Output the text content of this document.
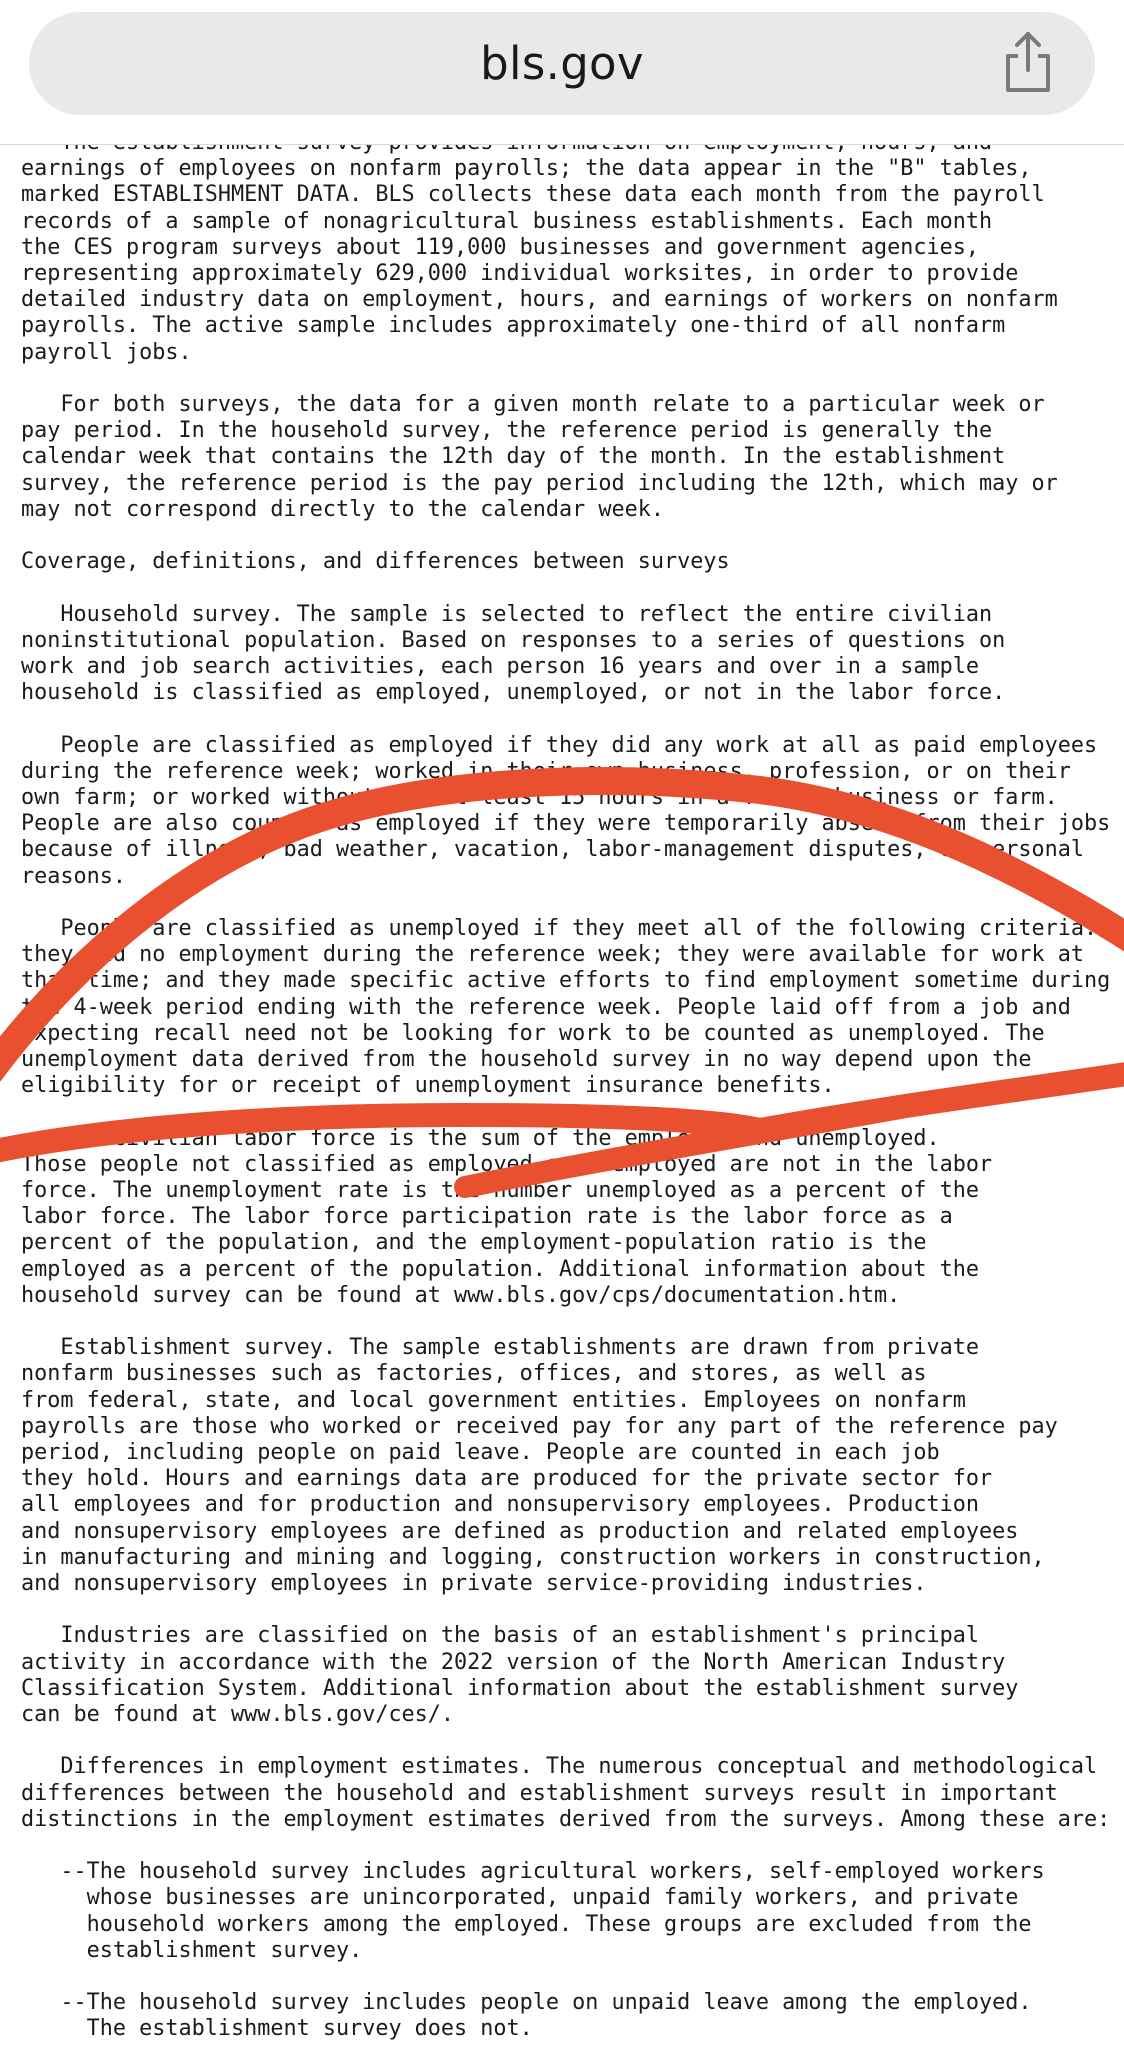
earnings of employees on nonfarm payrolls; the data appear in the "B" tables,
marked ESTABLISHMENT DATA. BLS collects these data each month from the payroll
records of a sample of nonagricultural business establishments. Each month
the CES program surveys about 119,000 businesses and government agencies,
representing approximately 629,000 individual worksites, in order to provide
detailed industry data on employment, hours, and earnings of workers on nonfarm
payrolls. The active sample includes approximately one-third of all nonfarm
payroll jobs.
For both surveys, the data for a given month relate to a particular week or
pay period. In the household survey, the reference period is generally the
calendar week that contains the 12th day of the month. In the establishment
survey, the reference period is the pay period including the 12th, which may or
may not correspond directly to the calendar week.
Coverage, definitions, and differences between surveys
Household survey. The sample is selected to reflect the entire civilian
noninstitutional population. Based on responses to a series of questions on
work and job search activities, each person 16 years and over in a sample
household is classified as employed, unemployed, or not in the labor force.
People are classified as employed if they did any work at all as paid employees
during the reference week; worked in their own business, profession, or on their
own farm; or worked without pay at least 15 hours in a family business or farm.
People are also counted as employed if they were temporarily absent from their jobs
because of illness, bad weather, vacation, labor-management disputes, or personal
reasons.
People are classified as unemployed if they meet all of the following criteria:
they had no employment during the reference week; they were available for work at
that time; and they made specific active efforts to find employment sometime during
the 4-week period ending with the reference week. People laid off from a job and
expecting recall need not be looking for work to be counted as unemployed. The
unemployment data derived from the household survey in no way depend upon the
eligibility for or receipt of unemployment insurance benefits.
The civilian labor force is the sum of the employed and unemployed.
Those people not classified as employed or unemployed are not in the labor
force. The unemployment rate is the number unemployed as a percent of the
labor force. The labor force participation rate is the labor force as a
percent of the population, and the employment-population ratio is the
employed as a percent of the population. Additional information about the
household survey can be found at www.bls.gov/cps/documentation.htm.
Establishment survey. The sample establishments are drawn from private
nonfarm businesses such as factories, offices, and stores, as well as
from federal, state, and local government entities. Employees on nonfarm
payrolls are those who worked or received pay for any part of the reference pay
period, including people on paid leave. People are counted in each job
they hold. Hours and earnings data are produced for the private sector for
all employees and for production and nonsupervisory employees. Production
and nonsupervisory employees are defined as production and related employees
in manufacturing and mining and logging, construction workers in construction,
and nonsupervisory employees in private service-providing industries.
Industries are classified on the basis of an establishment's principal
activity in accordance with the 2022 version of the North American Industry
Classification System. Additional information about the establishment survey
can be found at www.bls.gov/ces/.
Differences in employment estimates. The numerous conceptual and methodological
differences between the household and establishment surveys result in important
distinctions in the employment estimates derived from the surveys. Among these are:
--The household survey includes agricultural workers, self-employed workers
whose businesses are unincorporated, unpaid family workers, and private
household workers among the employed. These groups are excluded from the
establishment survey.
--The household survey includes people on unpaid leave among the employed.
The establishment survey does not.
bls.gov
